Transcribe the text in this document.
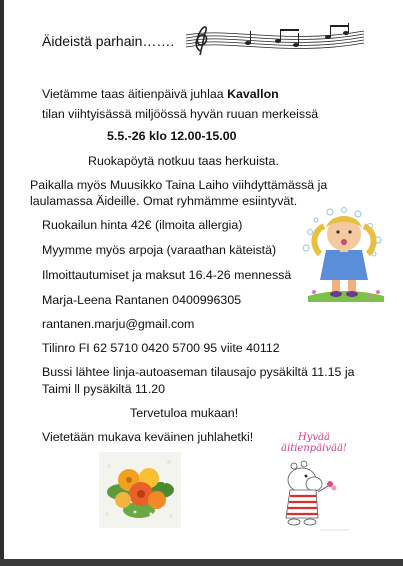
Äideistä parhain…….
Vietämme taas äitienpäivä juhlaa Kavallon
tilan viihtyisässä miljöössä hyvän ruuan merkeissä
5.5.-26 klo 12.00-15.00
Ruokapöytä notkuu taas herkuista.
Paikalla myös Muusikko Taina Laiho viihdyttämässä ja
laulamassa Äideille. Omat ryhmämme esiintyvät.
Ruokailun hinta 42€ (ilmoita allergia)
Myymme myös arpoja (varaathan käteistä)
Ilmoittautumiset ja maksut 16.4-26 mennessä
Marja-Leena Rantanen 0400996305
rantanen.marju@gmail.com
Tilinro FI 62 5710 0420 5700 95 viite 40112
Bussi lähtee linja-autoaseman tilausajo pysäkiltä 11.15 ja
Taimi ll pysäkiltä 11.20
Tervetuloa mukaan!
Vietetään mukava keväinen juhlahetki!	Hyvää äitienpäivää!
